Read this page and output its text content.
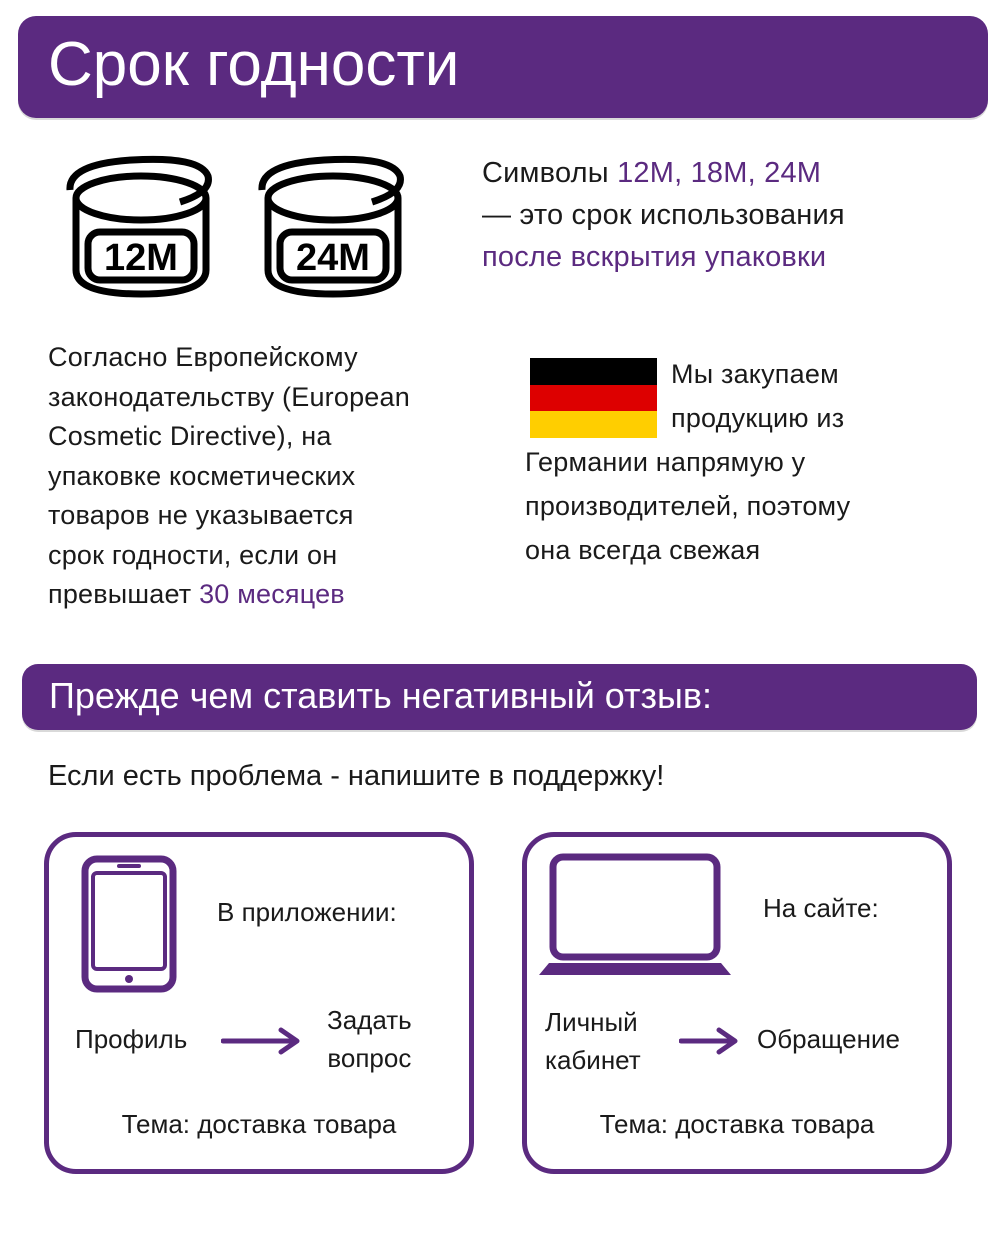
Срок годности
12M	24M
Символы 12M, 18M, 24M
— это срок использования
после вскрытия упаковки
Согласно Европейскому
законодательству (European
Cosmetic Directive), на
упаковке косметических
товаров не указывается
срок годности, если он
превышает 30 месяцев
Мы закупаем
продукцию из
Германии напрямую у
производителей, поэтому
она всегда свежая
Прежде чем ставить негативный отзыв:
Если есть проблема - напишите в поддержку!
В приложении:
Профиль
Задать
вопрос
Тема: доставка товара
На сайте:
Личный
кабинет
Обращение
Тема: доставка товара
